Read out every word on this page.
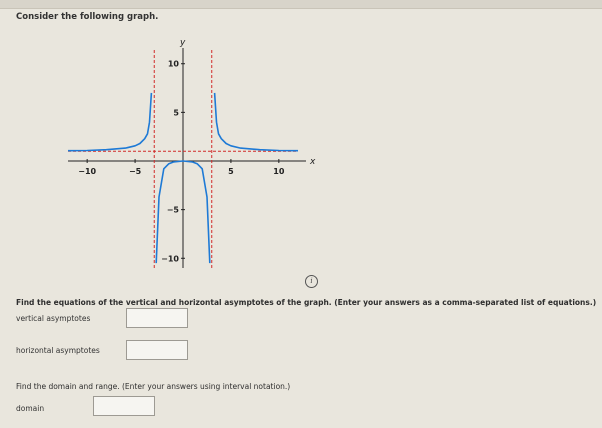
Consider the following graph.
x
y
−10	−5	5	10
10
5
−5
−10
i
Find the equations of the vertical and horizontal asymptotes of the graph. (Enter your answers as a comma-separated list of equations.)
vertical asymptotes
horizontal asymptotes
Find the domain and range. (Enter your answers using interval notation.)
domain
